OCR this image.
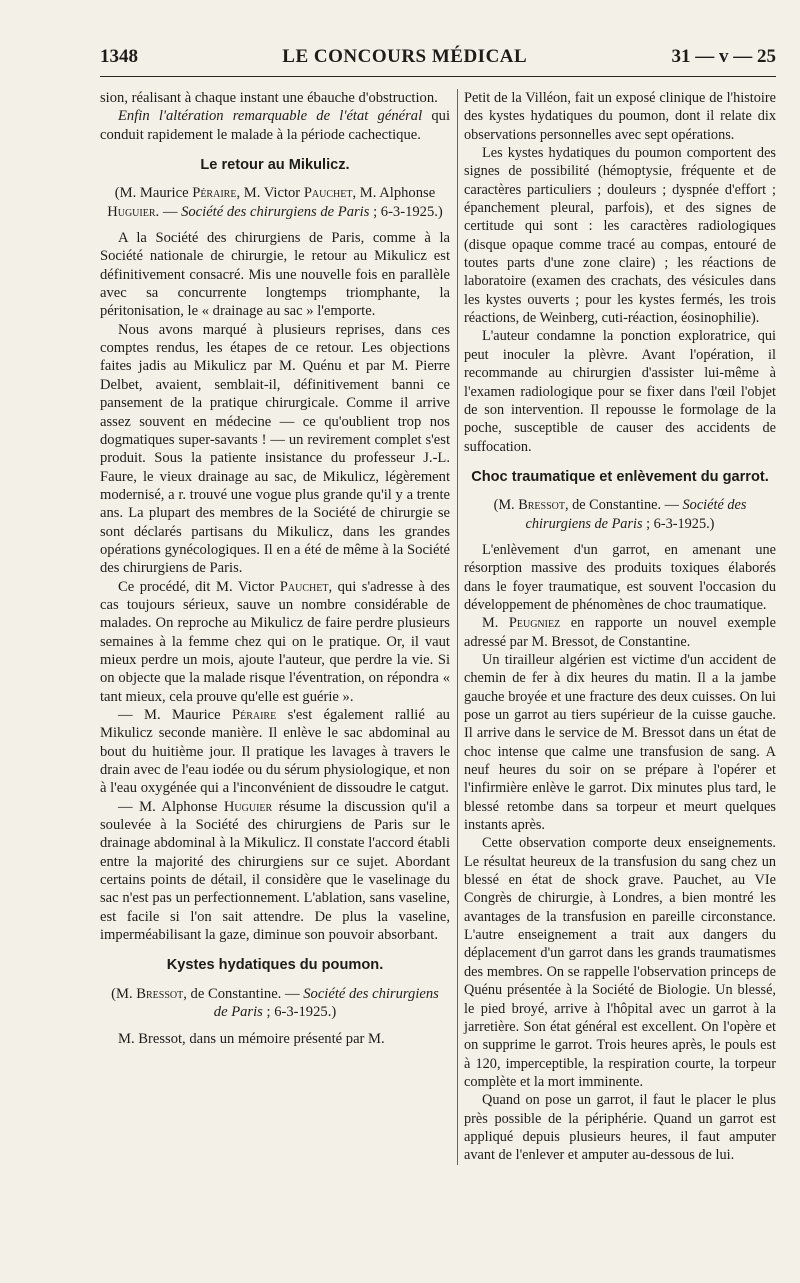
1348	LE CONCOURS MÉDICAL	31 — v — 25

sion, réalisant à chaque instant une ébauche d'obstruction.

Enfin l'altération remarquable de l'état général qui conduit rapidement le malade à la période cachectique.

Le retour au Mikulicz.
(M. Maurice Péraire, M. Victor Pauchet, M. Alphonse Huguier. — Société des chirurgiens de Paris ; 6-3-1925.)

A la Société des chirurgiens de Paris, comme à la Société nationale de chirurgie, le retour au Mikulicz est définitivement consacré. Mis une nouvelle fois en parallèle avec sa concurrente longtemps triomphante, la péritonisation, le « drainage au sac » l'emporte.

Nous avons marqué à plusieurs reprises, dans ces comptes rendus, les étapes de ce retour. Les objections faites jadis au Mikulicz par M. Quénu et par M. Pierre Delbet, avaient, semblait-il, définitivement banni ce pansement de la pratique chirurgicale. Comme il arrive assez souvent en médecine — ce qu'oublient trop nos dogmatiques super-savants ! — un revirement complet s'est produit. Sous la patiente insistance du professeur J.-L. Faure, le vieux drainage au sac, de Mikulicz, légèrement modernisé, a r. trouvé une vogue plus grande qu'il y a trente ans. La plupart des membres de la Société de chirurgie se sont déclarés partisans du Mikulicz, dans les grandes opérations gynécologiques. Il en a été de même à la Société des chirurgiens de Paris.

Ce procédé, dit M. Victor Pauchet, qui s'adresse à des cas toujours sérieux, sauve un nombre considérable de malades. On reproche au Mikulicz de faire perdre plusieurs semaines à la femme chez qui on le pratique. Or, il vaut mieux perdre un mois, ajoute l'auteur, que perdre la vie. Si on objecte que la malade risque l'éventration, on répondra « tant mieux, cela prouve qu'elle est guérie ».

— M. Maurice Péraire s'est également rallié au Mikulicz seconde manière. Il enlève le sac abdominal au bout du huitième jour. Il pratique les lavages à travers le drain avec de l'eau iodée ou du sérum physiologique, et non à l'eau oxygénée qui a l'inconvénient de dissoudre le catgut.

— M. Alphonse Huguier résume la discussion qu'il a soulevée à la Société des chirurgiens de Paris sur le drainage abdominal à la Mikulicz. Il constate l'accord établi entre la majorité des chirurgiens sur ce sujet. Abordant certains points de détail, il considère que le vaselinage du sac n'est pas un perfectionnement. L'ablation, sans vaseline, est facile si l'on sait attendre. De plus la vaseline, imperméabilisant la gaze, diminue son pouvoir absorbant.

Kystes hydatiques du poumon.
(M. Bressot, de Constantine. — Société des chirurgiens de Paris ; 6-3-1925.)

M. Bressot, dans un mémoire présenté par M.

Petit de la Villéon, fait un exposé clinique de l'histoire des kystes hydatiques du poumon, dont il relate dix observations personnelles avec sept opérations.

Les kystes hydatiques du poumon comportent des signes de possibilité (hémoptysie, fréquente et de caractères particuliers ; douleurs ; dyspnée d'effort ; épanchement pleural, parfois), et des signes de certitude qui sont : les caractères radiologiques (disque opaque comme tracé au compas, entouré de toutes parts d'une zone claire) ; les réactions de laboratoire (examen des crachats, des vésicules dans les kystes ouverts ; pour les kystes fermés, les trois réactions, de Weinberg, cuti-réaction, éosinophilie).

L'auteur condamne la ponction exploratrice, qui peut inoculer la plèvre. Avant l'opération, il recommande au chirurgien d'assister lui-même à l'examen radiologique pour se fixer dans l'œil l'objet de son intervention. Il repousse le formolage de la poche, susceptible de causer des accidents de suffocation.

Choc traumatique et enlèvement du garrot.
(M. Bressot, de Constantine. — Société des chirurgiens de Paris ; 6-3-1925.)

L'enlèvement d'un garrot, en amenant une résorption massive des produits toxiques élaborés dans le foyer traumatique, est souvent l'occasion du développement de phénomènes de choc traumatique.

M. Peugniez en rapporte un nouvel exemple adressé par M. Bressot, de Constantine.

Un tirailleur algérien est victime d'un accident de chemin de fer à dix heures du matin. Il a la jambe gauche broyée et une fracture des deux cuisses. On lui pose un garrot au tiers supérieur de la cuisse gauche. Il arrive dans le service de M. Bressot dans un état de choc intense que calme une transfusion de sang. A neuf heures du soir on se prépare à l'opérer et l'infirmière enlève le garrot. Dix minutes plus tard, le blessé retombe dans sa torpeur et meurt quelques instants après.

Cette observation comporte deux enseignements. Le résultat heureux de la transfusion du sang chez un blessé en état de shock grave. Pauchet, au VIe Congrès de chirurgie, à Londres, a bien montré les avantages de la transfusion en pareille circonstance. L'autre enseignement a trait aux dangers du déplacement d'un garrot dans les grands traumatismes des membres. On se rappelle l'observation princeps de Quénu présentée à la Société de Biologie. Un blessé, le pied broyé, arrive à l'hôpital avec un garrot à la jarretière. Son état général est excellent. On l'opère et on supprime le garrot. Trois heures après, le pouls est à 120, imperceptible, la respiration courte, la torpeur complète et la mort imminente.

Quand on pose un garrot, il faut le placer le plus près possible de la périphérie. Quand un garrot est appliqué depuis plusieurs heures, il faut amputer avant de l'enlever et amputer au-dessous de lui.
